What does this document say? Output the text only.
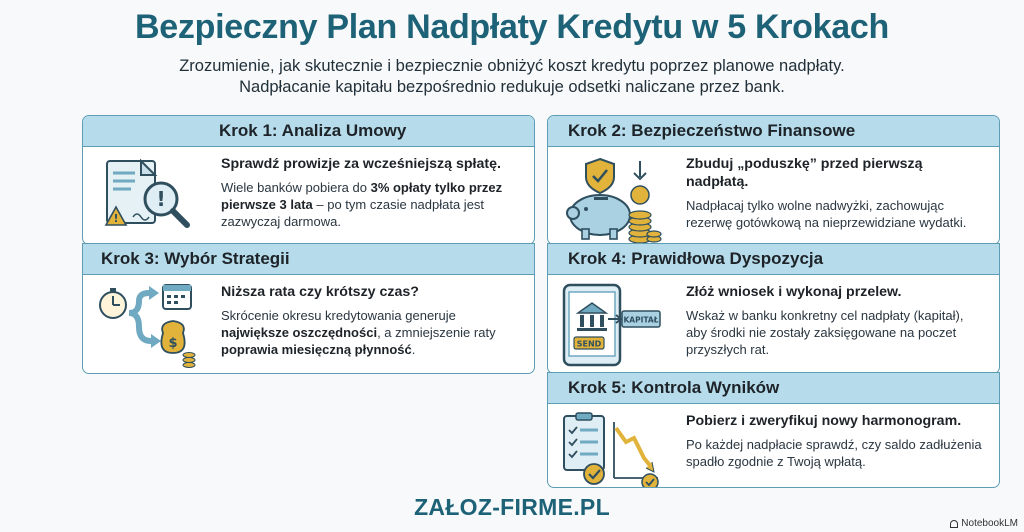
Bezpieczny Plan Nadpłaty Kredytu w 5 Krokach
Zrozumienie, jak skutecznie i bezpiecznie obniżyć koszt kredytu poprzez planowe nadpłaty.
Nadpłacanie kapitału bezpośrednio redukuje odsetki naliczane przez bank.
Krok 1: Analiza Umowy
!
!
Sprawdź prowizje za wcześniejszą spłatę.
Wiele banków pobiera do 3% opłaty tylko przez pierwsze 3 lata – po tym czasie nadpłata jest zazwyczaj darmowa.
Krok 3: Wybór Strategii
$
Niższa rata czy krótszy czas?
Skrócenie okresu kredytowania generuje największe oszczędności, a zmniejszenie raty poprawia miesięczną płynność.
Krok 2: Bezpieczeństwo Finansowe
Zbuduj „poduszkę” przed pierwszą nadpłatą.
Nadpłacaj tylko wolne nadwyżki, zachowując rezerwę gotówkową na nieprzewidziane wydatki.
Krok 4: Prawidłowa Dyspozycja
SEND
KAPITAŁ
Złóż wniosek i wykonaj przelew.
Wskaż w banku konkretny cel nadpłaty (kapitał), aby środki nie zostały zaksięgowane na poczet przyszłych rat.
Krok 5: Kontrola Wyników
Pobierz i zweryfikuj nowy harmonogram.
Po każdej nadpłacie sprawdź, czy saldo zadłużenia spadło zgodnie z Twoją wpłatą.
ZAŁOZ-FIRME.PL
NotebookLM
